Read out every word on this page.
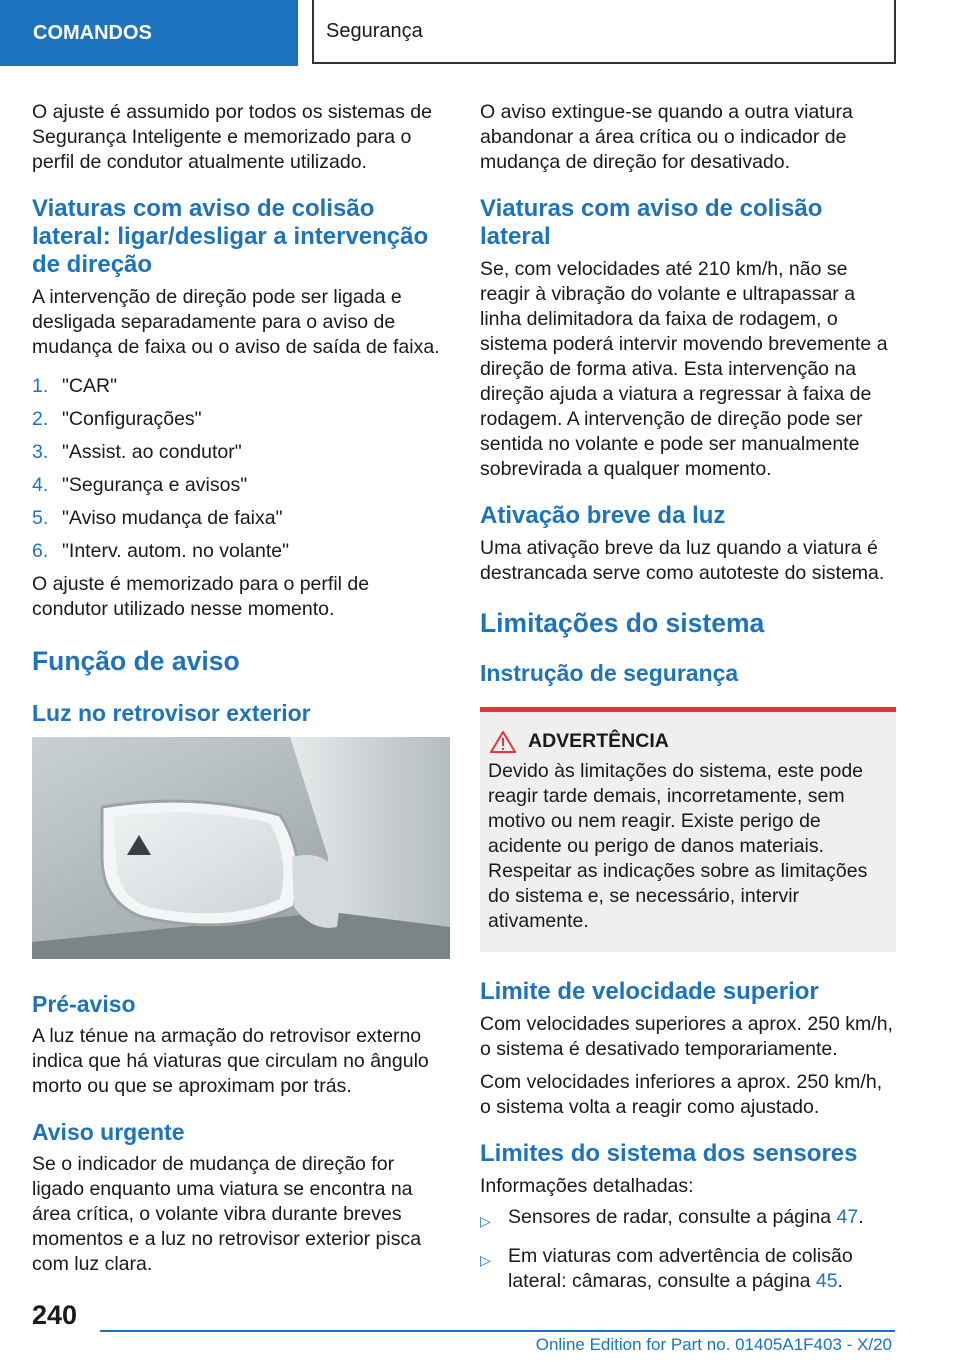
COMANDOS	Segurança

O ajuste é assumido por todos os sistemas de Segurança Inteligente e memorizado para o perfil de condutor atualmente utilizado.

Viaturas com aviso de colisão lateral: ligar/desligar a intervenção de direção

A intervenção de direção pode ser ligada e desligada separadamente para o aviso de mudança de faixa ou o aviso de saída de faixa.

1. "CAR"
2. "Configurações"
3. "Assist. ao condutor"
4. "Segurança e avisos"
5. "Aviso mudança de faixa"
6. "Interv. autom. no volante"

O ajuste é memorizado para o perfil de condutor utilizado nesse momento.

Função de aviso
Luz no retrovisor exterior
Pré-aviso

A luz ténue na armação do retrovisor externo indica que há viaturas que circulam no ângulo morto ou que se aproximam por trás.

Aviso urgente

Se o indicador de mudança de direção for ligado enquanto uma viatura se encontra na área crítica, o volante vibra durante breves momentos e a luz no retrovisor exterior pisca com luz clara.

O aviso extingue-se quando a outra viatura abandonar a área crítica ou o indicador de mudança de direção for desativado.

Viaturas com aviso de colisão lateral

Se, com velocidades até 210 km/h, não se reagir à vibração do volante e ultrapassar a linha delimitadora da faixa de rodagem, o sistema poderá intervir movendo brevemente a direção de forma ativa. Esta intervenção na direção ajuda a viatura a regressar à faixa de rodagem. A intervenção de direção pode ser sentida no volante e pode ser manualmente sobrevirada a qualquer momento.

Ativação breve da luz

Uma ativação breve da luz quando a viatura é destrancada serve como autoteste do sistema.

Limitações do sistema
Instrução de segurança
ADVERTÊNCIA

Devido às limitações do sistema, este pode reagir tarde demais, incorretamente, sem motivo ou nem reagir. Existe perigo de acidente ou perigo de danos materiais. Respeitar as indicações sobre as limitações do sistema e, se necessário, intervir ativamente.

Limite de velocidade superior

Com velocidades superiores a aprox. 250 km/h, o sistema é desativado temporariamente.

Com velocidades inferiores a aprox. 250 km/h, o sistema volta a reagir como ajustado.

Limites do sistema dos sensores

Informações detalhadas:

▷ Sensores de radar, consulte a página 47.
▷ Em viaturas com advertência de colisão lateral: câmaras, consulte a página 45.
240
Online Edition for Part no. 01405A1F403 - X/20
